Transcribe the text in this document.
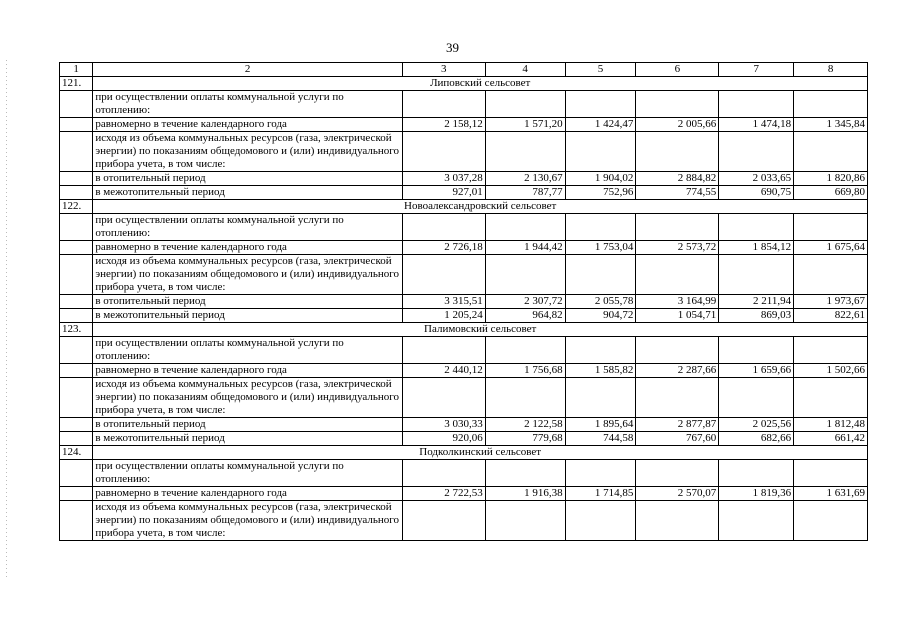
39
1	2	3	4	5	6	7	8
121.	Липовский сельсовет						
	при осуществлении оплаты коммунальной услуги по отоплению:						
	равномерно в течение календарного года	2 158,12	1 571,20	1 424,47	2 005,66	1 474,18	1 345,84
	исходя из объема коммунальных ресурсов (газа, электрической энергии) по показаниям общедомового и (или) индивидуального прибора учета, в том числе:						
	в отопительный период	3 037,28	2 130,67	1 904,02	2 884,82	2 033,65	1 820,86
	в межотопительный период	927,01	787,77	752,96	774,55	690,75	669,80
122.	Новоалександровский сельсовет						
	при осуществлении оплаты коммунальной услуги по отоплению:						
	равномерно в течение календарного года	2 726,18	1 944,42	1 753,04	2 573,72	1 854,12	1 675,64
	исходя из объема коммунальных ресурсов (газа, электрической энергии) по показаниям общедомового и (или) индивидуального прибора учета, в том числе:						
	в отопительный период	3 315,51	2 307,72	2 055,78	3 164,99	2 211,94	1 973,67
	в межотопительный период	1 205,24	964,82	904,72	1 054,71	869,03	822,61
123.	Палимовский сельсовет						
	при осуществлении оплаты коммунальной услуги по отоплению:						
	равномерно в течение календарного года	2 440,12	1 756,68	1 585,82	2 287,66	1 659,66	1 502,66
	исходя из объема коммунальных ресурсов (газа, электрической энергии) по показаниям общедомового и (или) индивидуального прибора учета, в том числе:						
	в отопительный период	3 030,33	2 122,58	1 895,64	2 877,87	2 025,56	1 812,48
	в межотопительный период	920,06	779,68	744,58	767,60	682,66	661,42
124.	Подколкинский сельсовет						
	при осуществлении оплаты коммунальной услуги по отоплению:						
	равномерно в течение календарного года	2 722,53	1 916,38	1 714,85	2 570,07	1 819,36	1 631,69
	исходя из объема коммунальных ресурсов (газа, электрической энергии) по показаниям общедомового и (или) индивидуального прибора учета, в том числе:						
